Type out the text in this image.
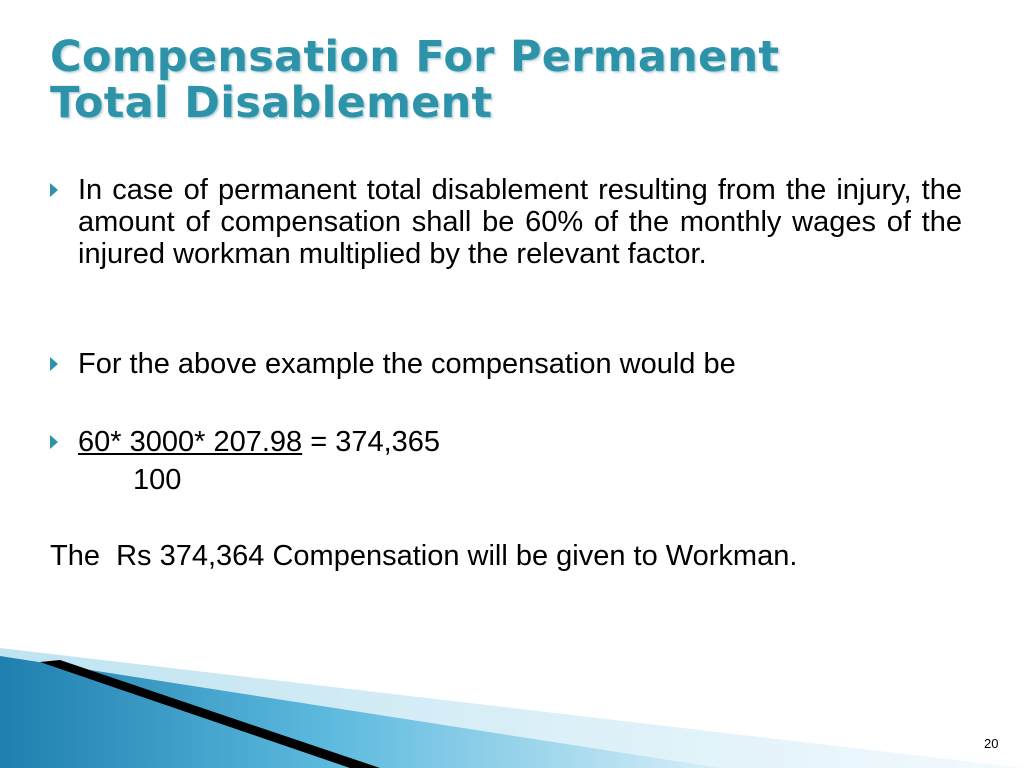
Compensation For Permanent
Total Disablement
In case of permanent total disablement resulting from the injury, the amount of compensation shall be 60% of the monthly wages of the injured workman multiplied by the relevant factor.
For the above example the compensation would be
60* 3000* 207.98 = 374,365
100
The  Rs 374,364 Compensation will be given to Workman.
20
